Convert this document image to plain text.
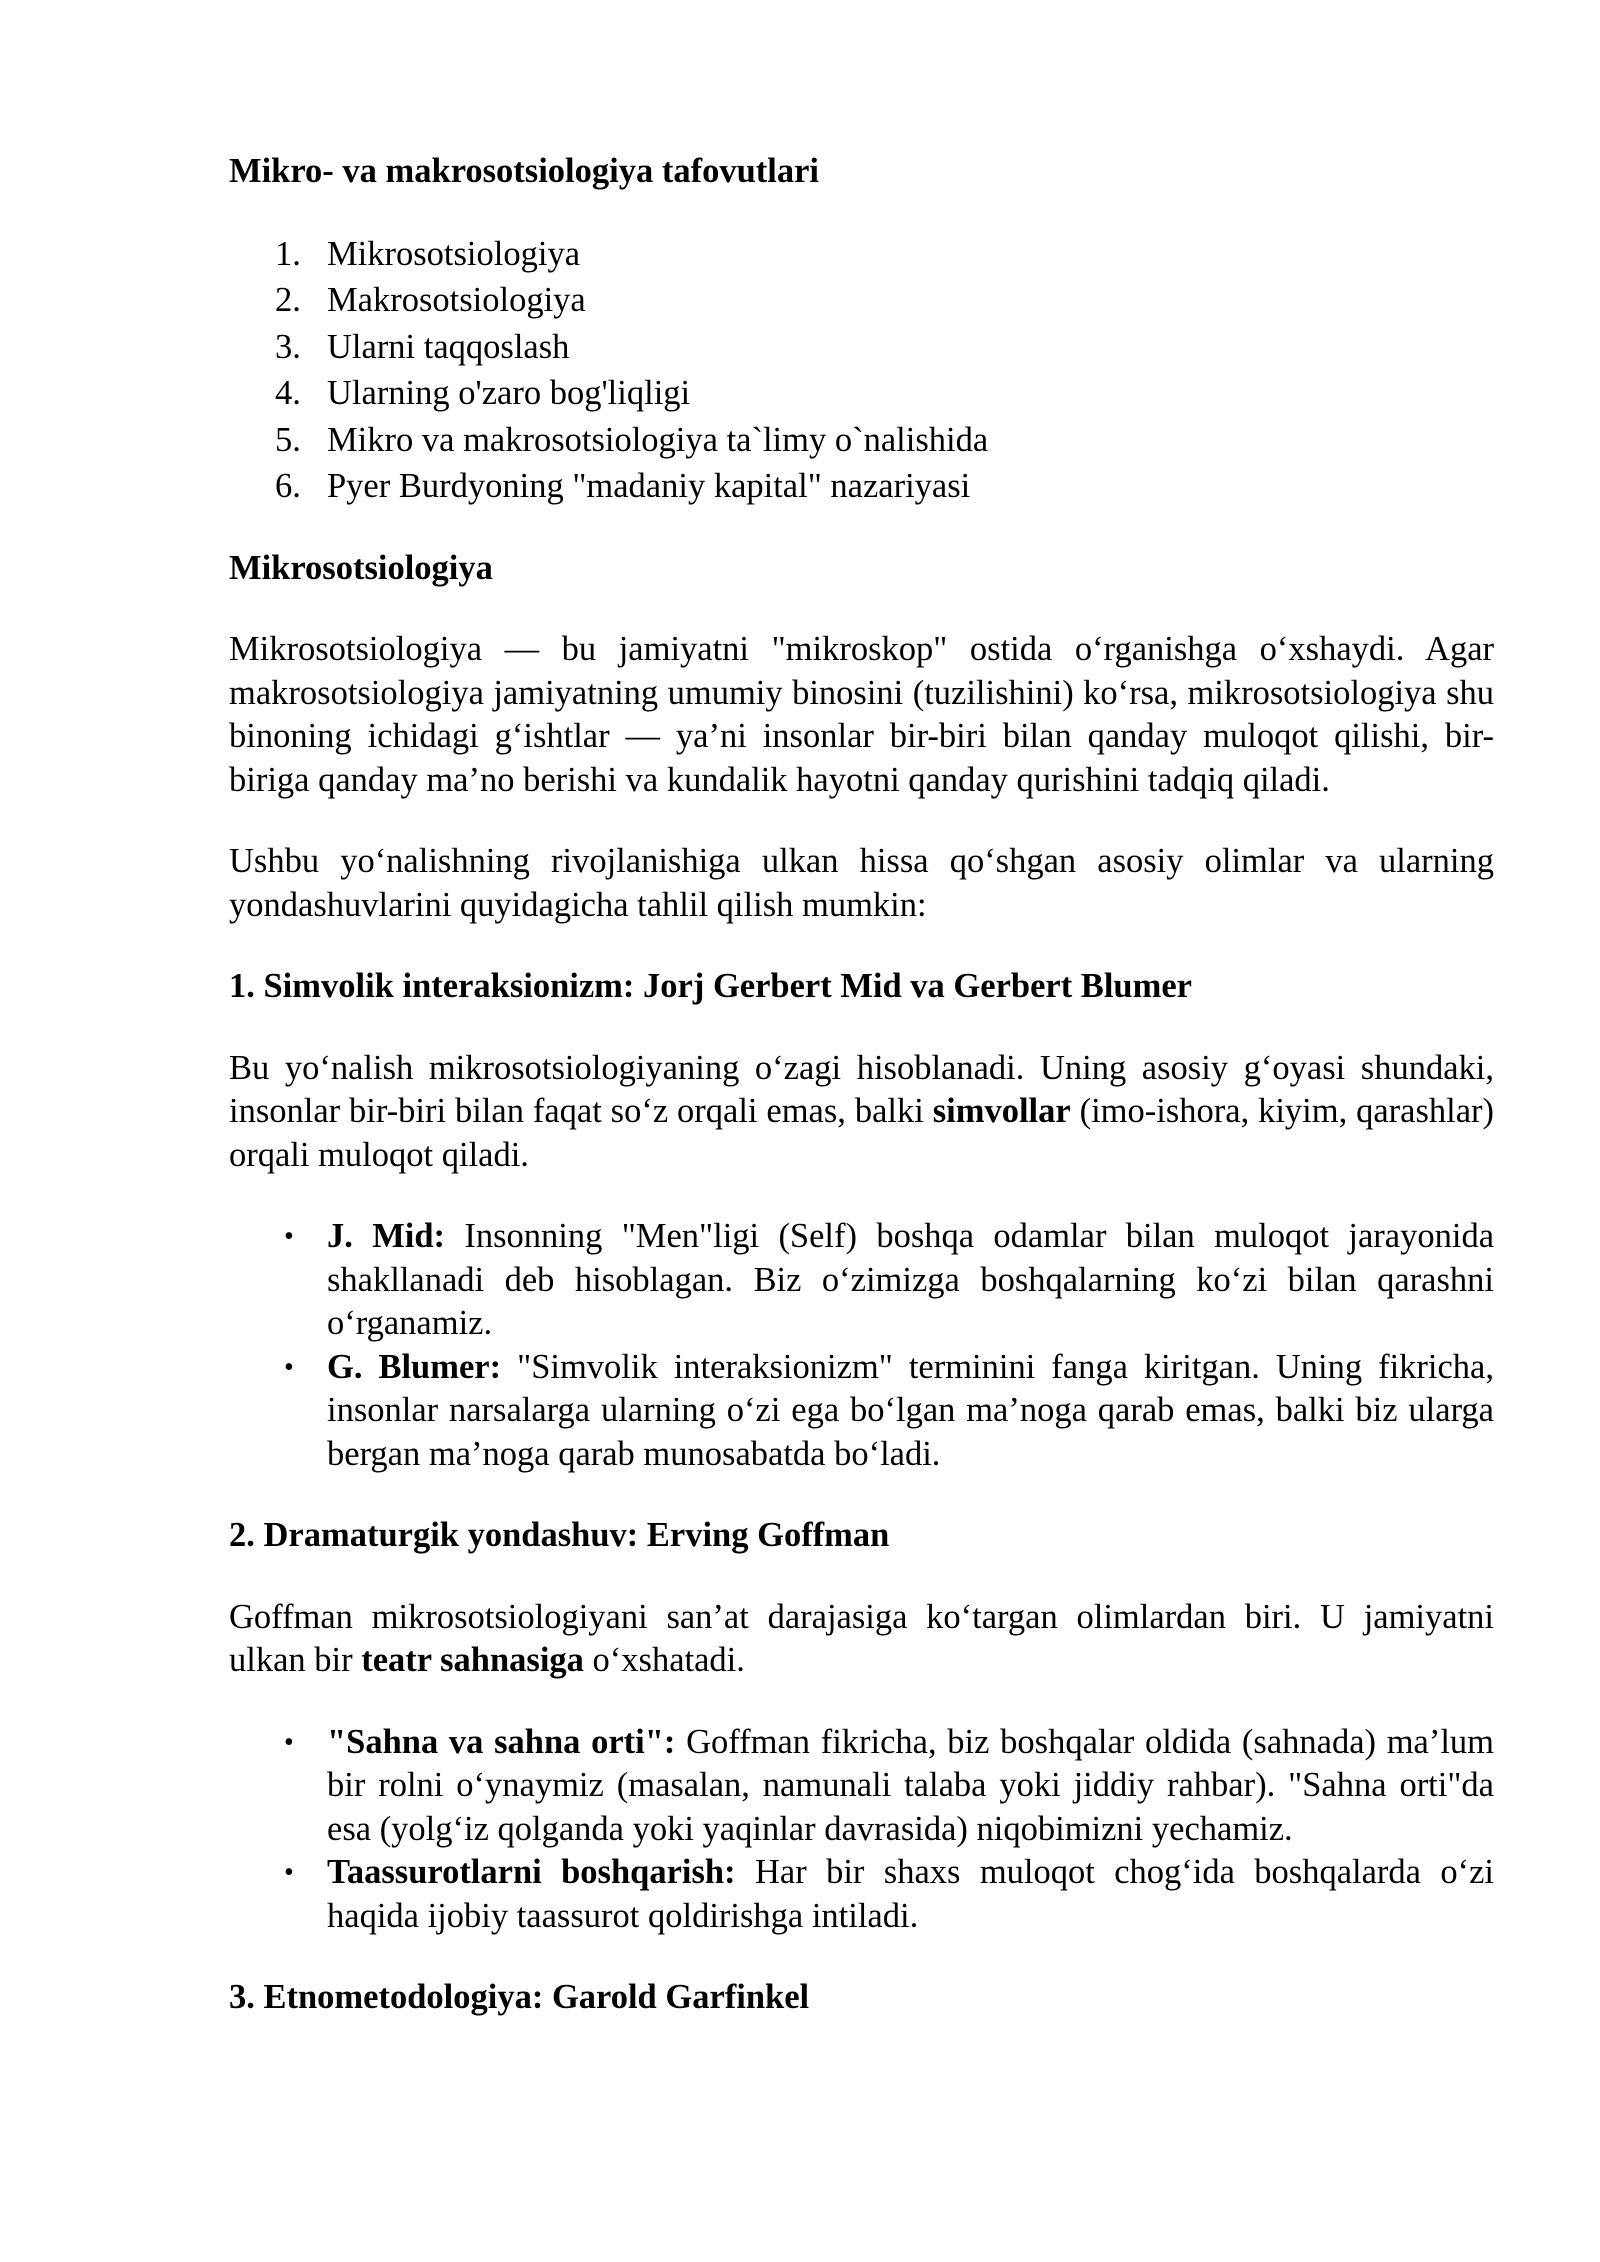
Mikro- va makrosotsiologiya tafovutlari

1. Mikrosotsiologiya
2. Makrosotsiologiya
3. Ularni taqqoslash
4. Ularning o'zaro bog'liqligi
5. Mikro va makrosotsiologiya ta`limy o`nalishida
6. Pyer Burdyoning "madaniy kapital" nazariyasi

Mikrosotsiologiya

Mikrosotsiologiya — bu jamiyatni "mikroskop" ostida o‘rganishga o‘xshaydi. Agar makrosotsiologiya jamiyatning umumiy binosini (tuzilishini) ko‘rsa, mikrosotsiologiya shu binoning ichidagi g‘ishtlar — ya’ni insonlar bir-biri bilan qanday muloqot qilishi, bir-biriga qanday ma’no berishi va kundalik hayotni qanday qurishini tadqiq qiladi.

Ushbu yo‘nalishning rivojlanishiga ulkan hissa qo‘shgan asosiy olimlar va ularning yondashuvlarini quyidagicha tahlil qilish mumkin:

1. Simvolik interaksionizm: Jorj Gerbert Mid va Gerbert Blumer

Bu yo‘nalish mikrosotsiologiyaning o‘zagi hisoblanadi. Uning asosiy g‘oyasi shundaki, insonlar bir-biri bilan faqat so‘z orqali emas, balki simvollar (imo-ishora, kiyim, qarashlar) orqali muloqot qiladi.

• J. Mid: Insonning "Men"ligi (Self) boshqa odamlar bilan muloqot jarayonida shakllanadi deb hisoblagan. Biz o‘zimizga boshqalarning ko‘zi bilan qarashni o‘rganamiz.
• G. Blumer: "Simvolik interaksionizm" terminini fanga kiritgan. Uning fikricha, insonlar narsalarga ularning o‘zi ega bo‘lgan ma’noga qarab emas, balki biz ularga bergan ma’noga qarab munosabatda bo‘ladi.

2. Dramaturgik yondashuv: Erving Goffman

Goffman mikrosotsiologiyani san’at darajasiga ko‘targan olimlardan biri. U jamiyatni ulkan bir teatr sahnasiga o‘xshatadi.

• "Sahna va sahna orti": Goffman fikricha, biz boshqalar oldida (sahnada) ma’lum bir rolni o‘ynaymiz (masalan, namunali talaba yoki jiddiy rahbar). "Sahna orti"da esa (yolg‘iz qolganda yoki yaqinlar davrasida) niqobimizni yechamiz.
• Taassurotlarni boshqarish: Har bir shaxs muloqot chog‘ida boshqalarda o‘zi haqida ijobiy taassurot qoldirishga intiladi.

3. Etnometodologiya: Garold Garfinkel
